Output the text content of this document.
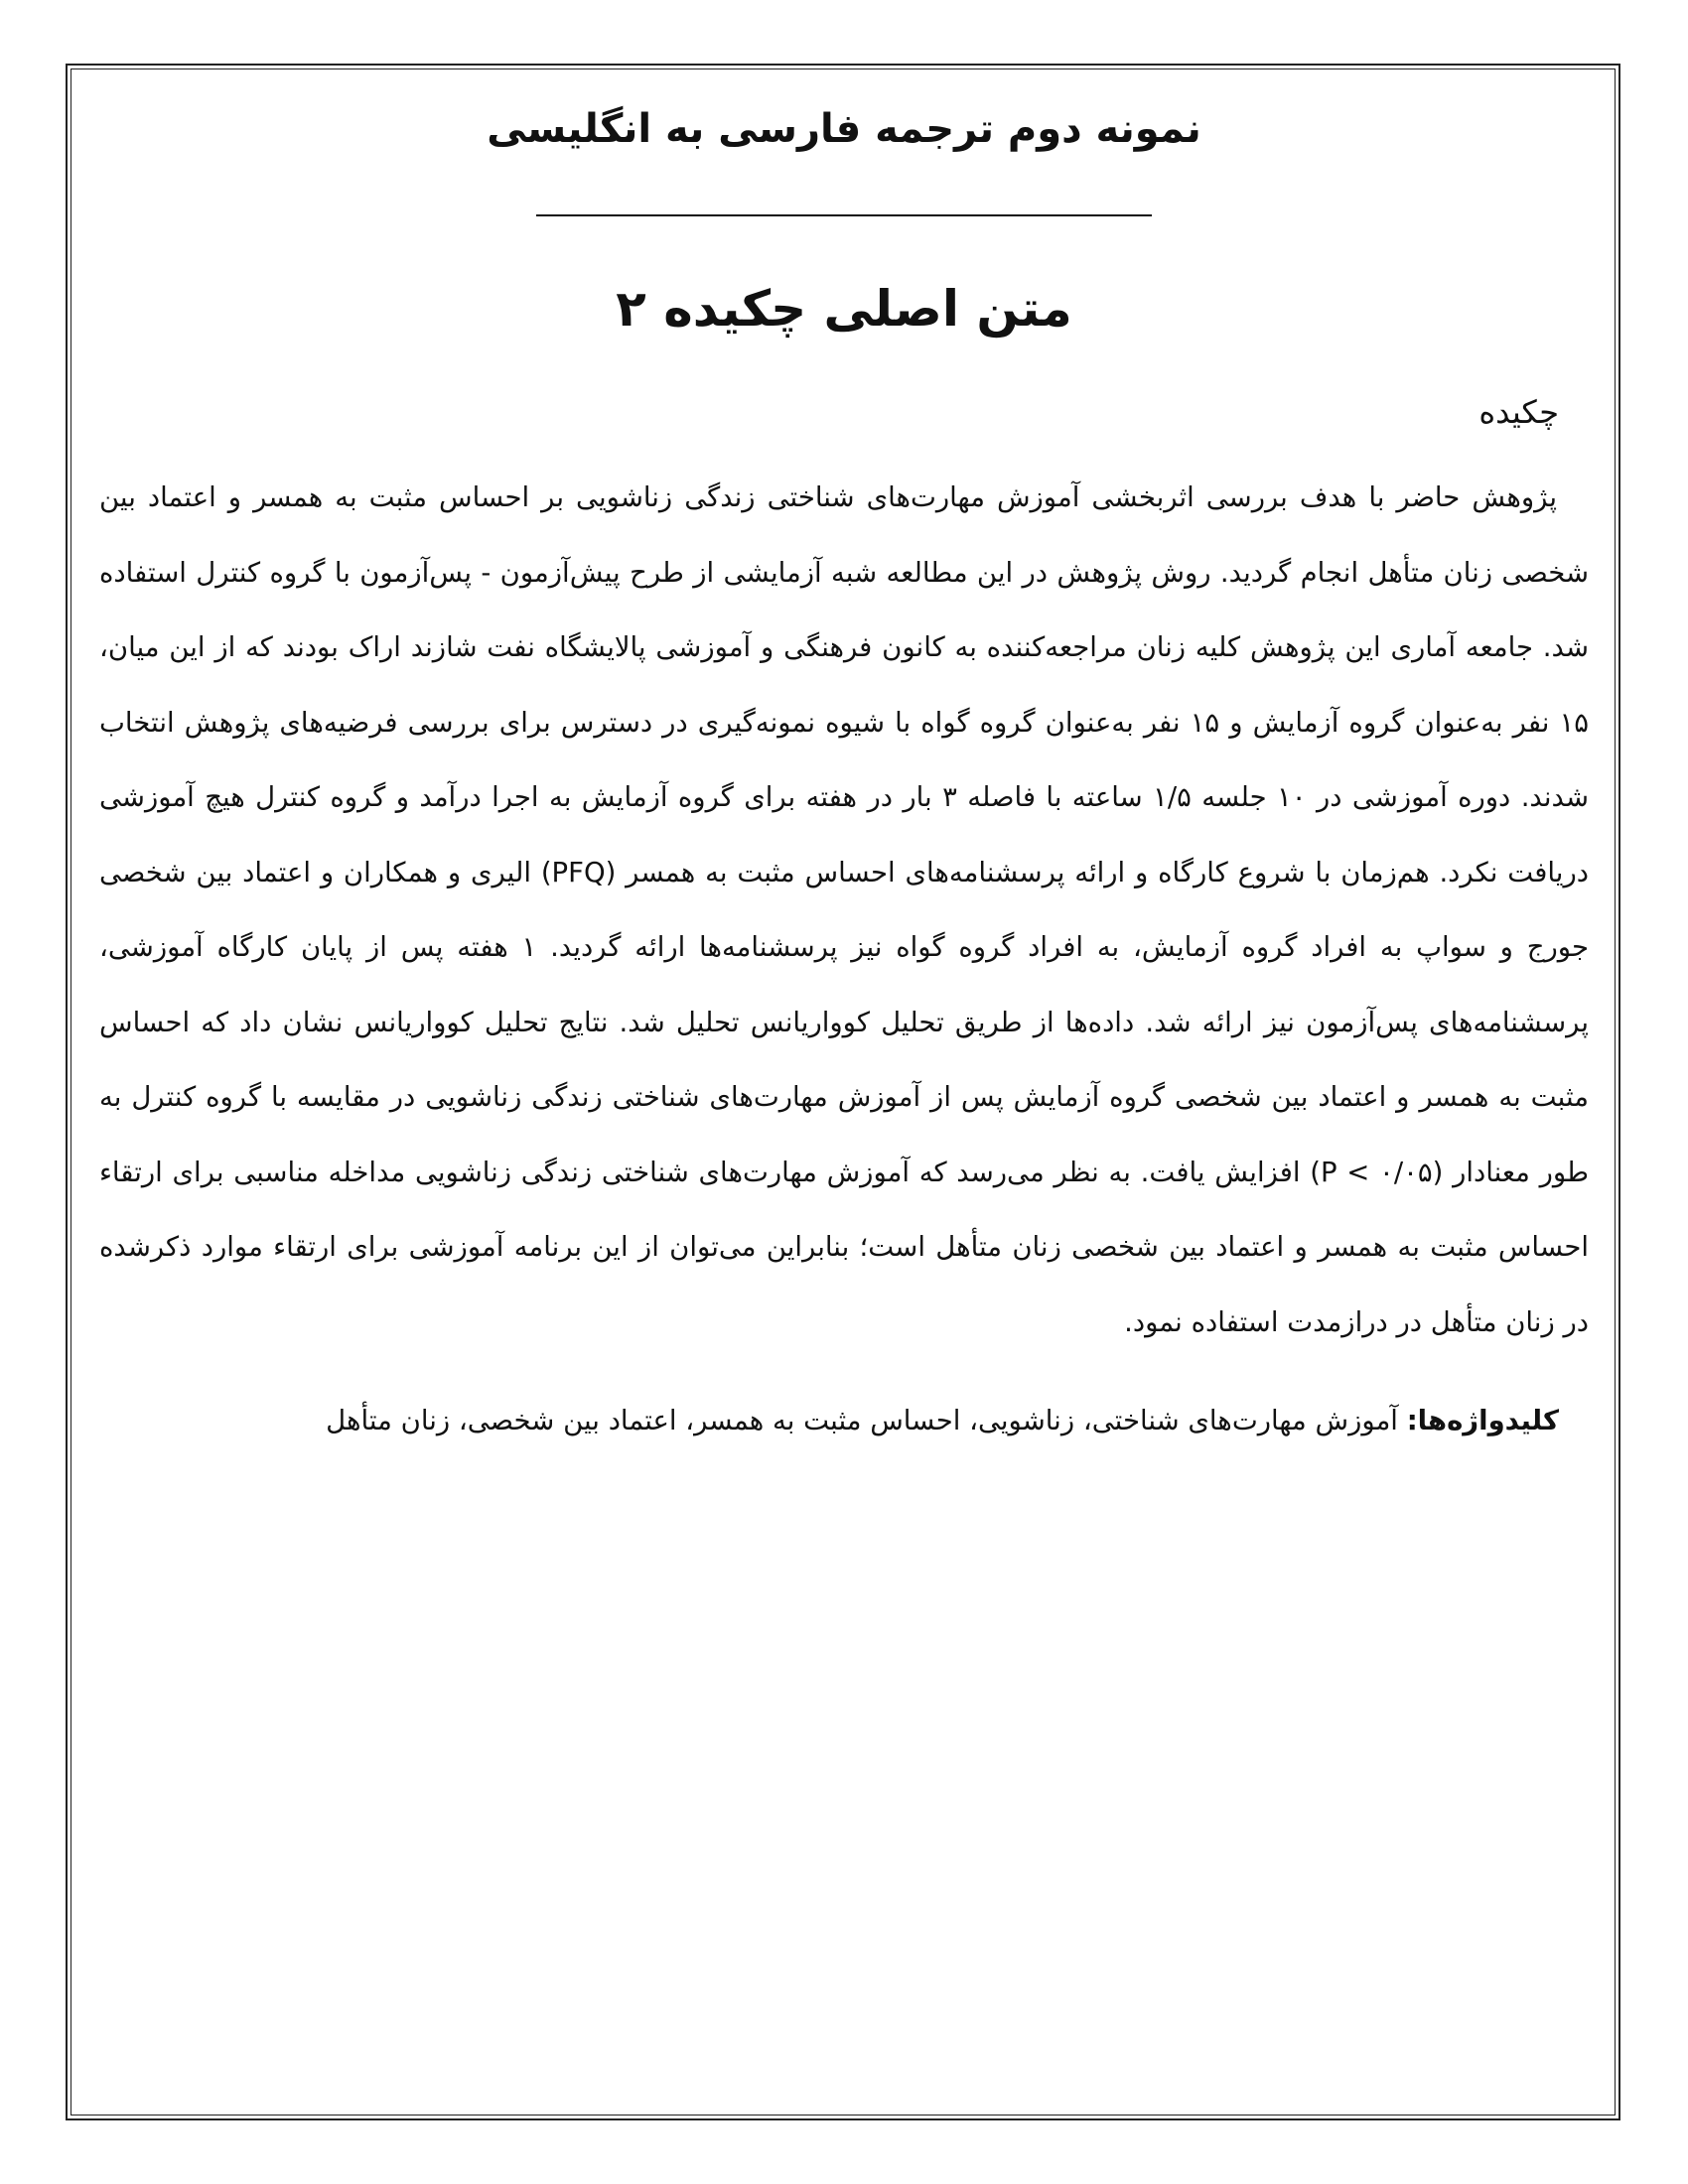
نمونه دوم ترجمه فارسی به انگلیسی
متن اصلی چکیده ۲
چکیده

پژوهش حاضر با هدف بررسی اثربخشی آموزش مهارت‌های شناختی زندگی زناشویی بر احساس مثبت به همسر و اعتماد بین شخصی زنان متأهل انجام گردید. روش پژوهش در این مطالعه شبه آزمایشی از طرح پیش‌آزمون - پس‌آزمون با گروه کنترل استفاده شد. جامعه آماری این پژوهش کلیه زنان مراجعه‌کننده به کانون فرهنگی و آموزشی پالایشگاه نفت شازند اراک بودند که از این میان، ۱۵ نفر به‌عنوان گروه آزمایش و ۱۵ نفر به‌عنوان گروه گواه با شیوه نمونه‌گیری در دسترس برای بررسی فرضیه‌های پژوهش انتخاب شدند. دوره آموزشی در ۱۰ جلسه ۱/۵ ساعته با فاصله ۳ بار در هفته برای گروه آزمایش به اجرا درآمد و گروه کنترل هیچ آموزشی دریافت نکرد. هم‌زمان با شروع کارگاه و ارائه پرسشنامه‌های احساس مثبت به همسر (PFQ) الیری و همکاران و اعتماد بین شخصی جورج و سواپ به افراد گروه آزمایش، به افراد گروه گواه نیز پرسشنامه‌ها ارائه گردید. ۱ هفته پس از پایان کارگاه آموزشی، پرسشنامه‌های پس‌آزمون نیز ارائه شد. داده‌ها از طریق تحلیل کوواریانس تحلیل شد. نتایج تحلیل کوواریانس نشان داد که احساس مثبت به همسر و اعتماد بین شخصی گروه آزمایش پس از آموزش مهارت‌های شناختی زندگی زناشویی در مقایسه با گروه کنترل به طور معنادار (P < ۰/۰۵) افزایش یافت. به نظر می‌رسد که آموزش مهارت‌های شناختی زندگی زناشویی مداخله مناسبی برای ارتقاء احساس مثبت به همسر و اعتماد بین شخصی زنان متأهل است؛ بنابراین می‌توان از این برنامه آموزشی برای ارتقاء موارد ذکرشده در زنان متأهل در درازمدت استفاده نمود.

کلیدواژه‌ها: آموزش مهارت‌های شناختی، زناشویی، احساس مثبت به همسر، اعتماد بین شخصی، زنان متأهل
